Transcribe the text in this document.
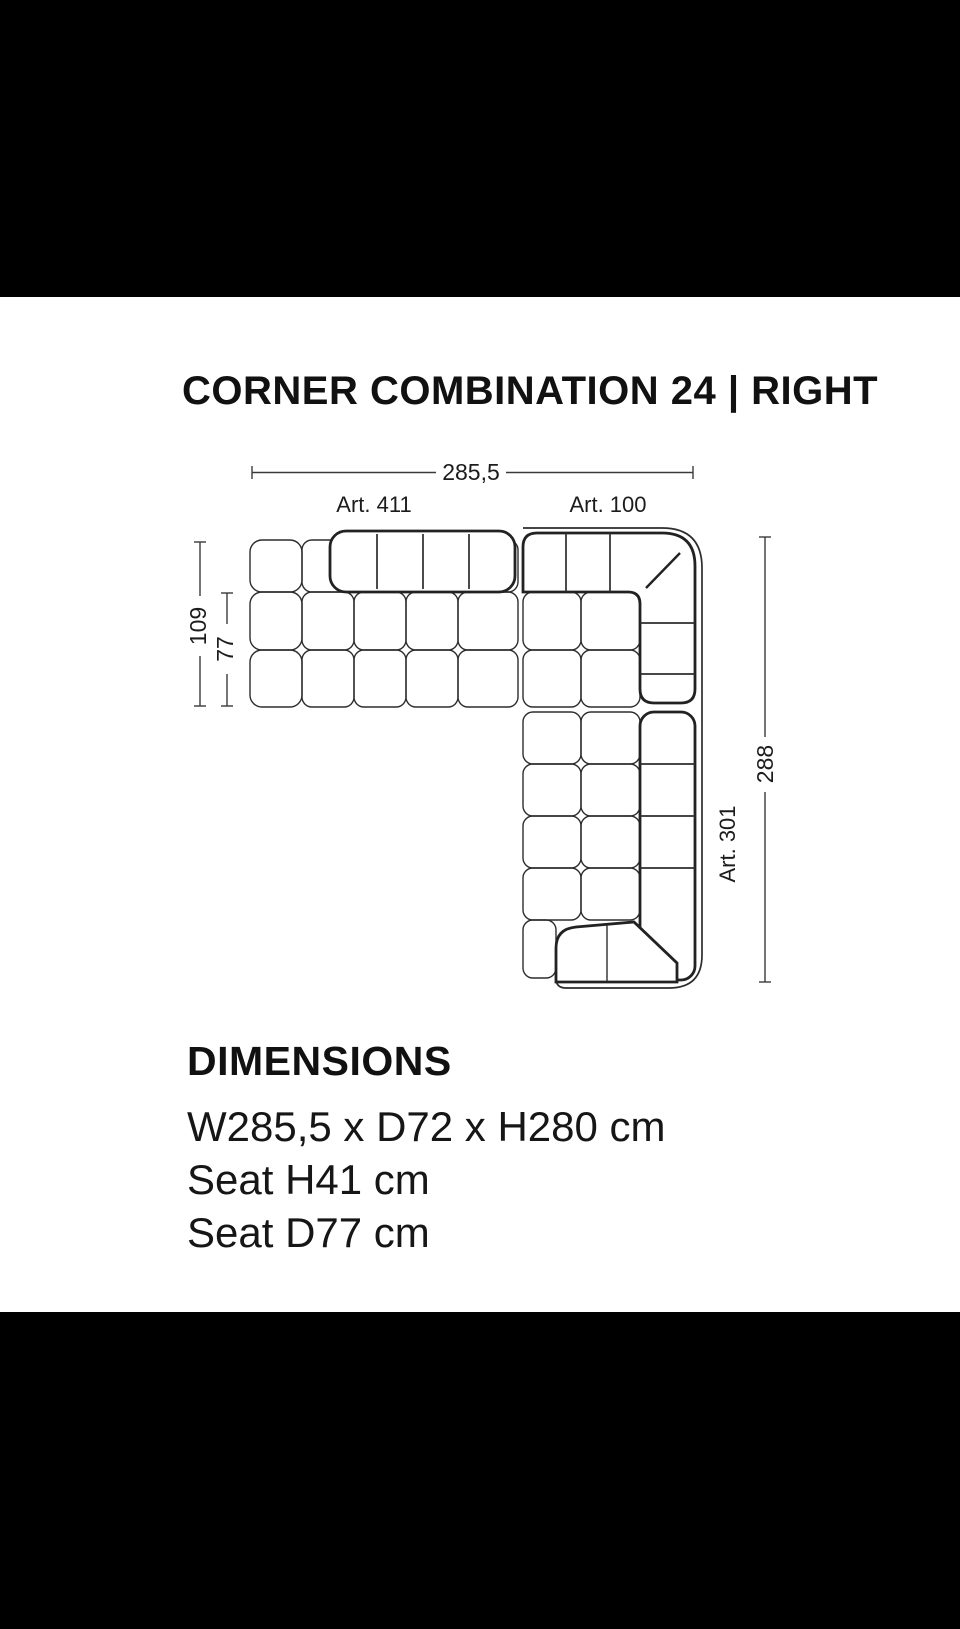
CORNER COMBINATION 24 | RIGHT
285,5
109
77
288
Art. 411	Art. 100
Art. 301
DIMENSIONS
W285,5 x D72 x H280 cm
Seat H41 cm
Seat D77 cm
